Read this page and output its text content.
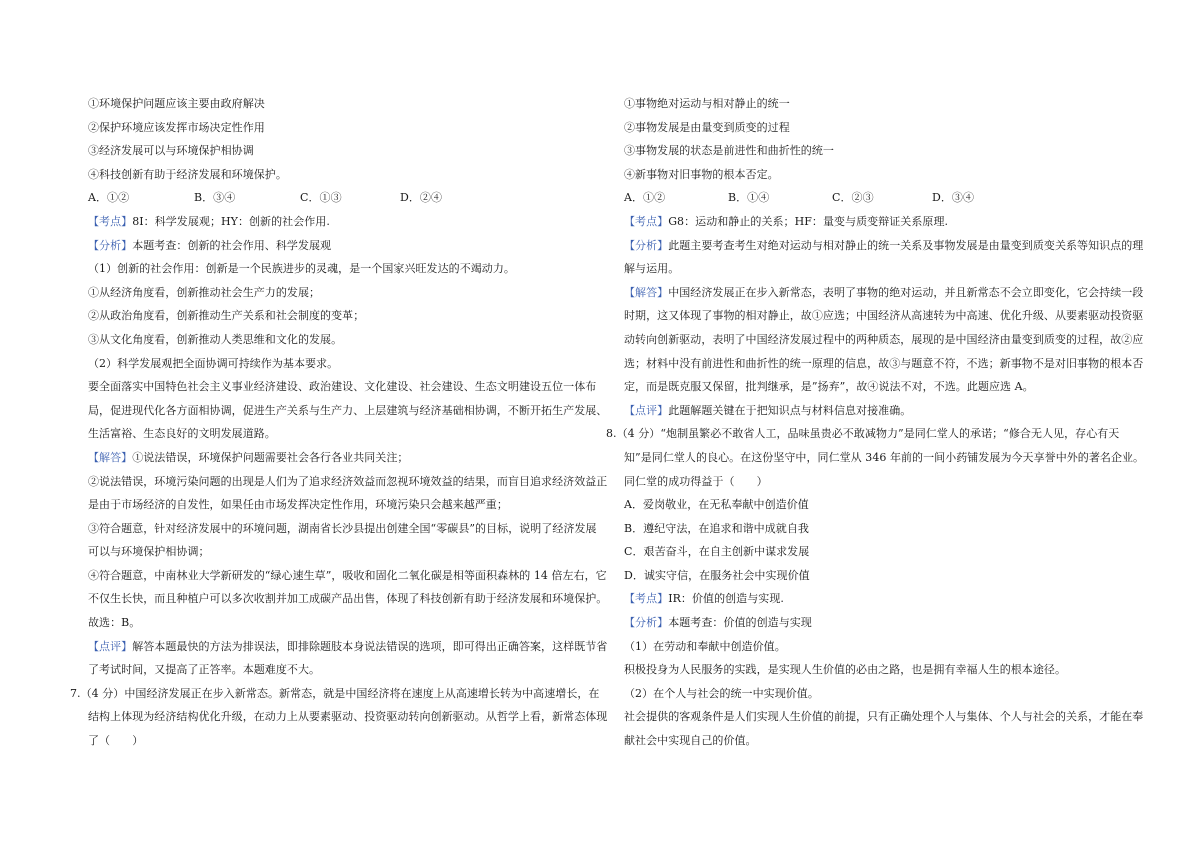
①环境保护问题应该主要由政府解决
②保护环境应该发挥市场决定性作用
③经济发展可以与环境保护相协调
④科技创新有助于经济发展和环境保护。
A．①②	B．③④	C．①③	D．②④
【考点】8I：科学发展观；HY：创新的社会作用.
【分析】本题考查：创新的社会作用、科学发展观
（1）创新的社会作用：创新是一个民族进步的灵魂，是一个国家兴旺发达的不竭动力。
①从经济角度看，创新推动社会生产力的发展；
②从政治角度看，创新推动生产关系和社会制度的变革；
③从文化角度看，创新推动人类思维和文化的发展。
（2）科学发展观把全面协调可持续作为基本要求。
要全面落实中国特色社会主义事业经济建设、政治建设、文化建设、社会建设、生态文明建设五位一体布
局，促进现代化各方面相协调，促进生产关系与生产力、上层建筑与经济基础相协调，不断开拓生产发展、
生活富裕、生态良好的文明发展道路。
【解答】①说法错误，环境保护问题需要社会各行各业共同关注；
②说法错误，环境污染问题的出现是人们为了追求经济效益而忽视环境效益的结果，而盲目追求经济效益正
是由于市场经济的自发性，如果任由市场发挥决定性作用，环境污染只会越来越严重；
③符合题意，针对经济发展中的环境问题，湖南省长沙县提出创建全国“零碳县”的目标，说明了经济发展
可以与环境保护相协调；
④符合题意，中南林业大学新研发的“绿心速生草”，吸收和固化二氧化碳是相等面积森林的 14 倍左右，它
不仅生长快，而且种植户可以多次收割并加工成碳产品出售，体现了科技创新有助于经济发展和环境保护。
故选：B。
【点评】解答本题最快的方法为排误法，即排除题肢本身说法错误的选项，即可得出正确答案，这样既节省
了考试时间，又提高了正答率。本题难度不大。
7.（4 分）中国经济发展正在步入新常态。新常态，就是中国经济将在速度上从高速增长转为中高速增长，在
结构上体现为经济结构优化升级，在动力上从要素驱动、投资驱动转向创新驱动。从哲学上看，新常态体现
了（　　）
①事物绝对运动与相对静止的统一
②事物发展是由量变到质变的过程
③事物发展的状态是前进性和曲折性的统一
④新事物对旧事物的根本否定。
A．①②	B．①④	C．②③	D．③④
【考点】G8：运动和静止的关系；HF：量变与质变辩证关系原理.
【分析】此题主要考查考生对绝对运动与相对静止的统一关系及事物发展是由量变到质变关系等知识点的理
解与运用。
【解答】中国经济发展正在步入新常态，表明了事物的绝对运动，并且新常态不会立即变化，它会持续一段
时期，这又体现了事物的相对静止，故①应选；中国经济从高速转为中高速、优化升级、从要素驱动投资驱
动转向创新驱动，表明了中国经济发展过程中的两种质态，展现的是中国经济由量变到质变的过程，故②应
选；材料中没有前进性和曲折性的统一原理的信息，故③与题意不符，不选；新事物不是对旧事物的根本否
定，而是既克服又保留，批判继承，是”扬弃”，故④说法不对，不选。此题应选 A。
【点评】此题解题关键在于把知识点与材料信息对接准确。
8.（4 分）“炮制虽繁必不敢省人工，品味虽贵必不敢减物力”是同仁堂人的承诺；“修合无人见，存心有天
知”是同仁堂人的良心。在这份坚守中，同仁堂从 346 年前的一间小药铺发展为今天享誉中外的著名企业。
同仁堂的成功得益于（　　）
A．爱岗敬业，在无私奉献中创造价值
B．遵纪守法，在追求和谐中成就自我
C．艰苦奋斗，在自主创新中谋求发展
D．诚实守信，在服务社会中实现价值
【考点】IR：价值的创造与实现.
【分析】本题考查：价值的创造与实现
（1）在劳动和奉献中创造价值。
积极投身为人民服务的实践，是实现人生价值的必由之路，也是拥有幸福人生的根本途径。
（2）在个人与社会的统一中实现价值。
社会提供的客观条件是人们实现人生价值的前提，只有正确处理个人与集体、个人与社会的关系，才能在奉
献社会中实现自己的价值。
